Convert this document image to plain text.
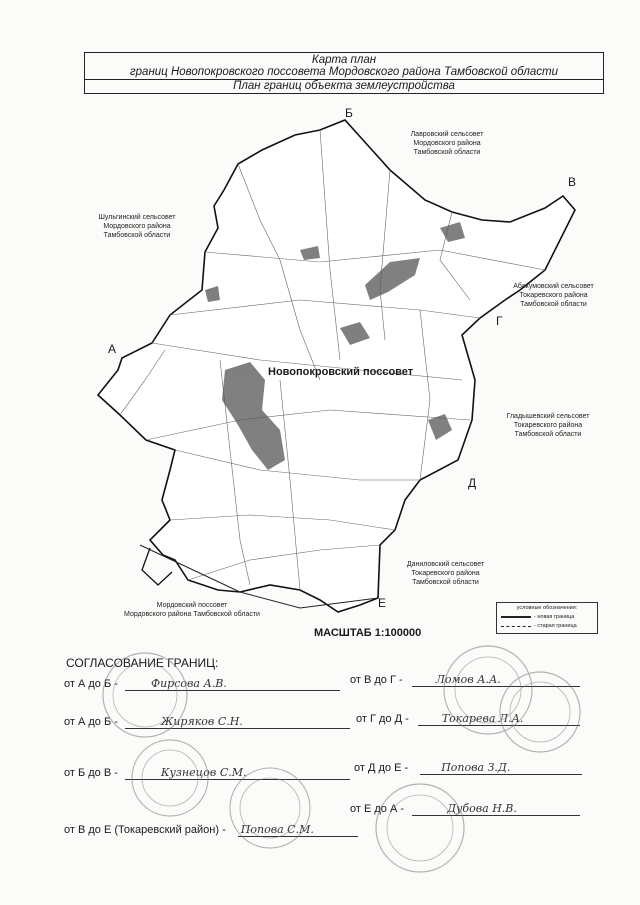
Карта план
границ Новопокровского поссовета Мордовского района Тамбовской области
План границ объекта землеустройства
А
Б
В
Г
Д
Е
Новопокровский поссовет
Лавровский сельсовет
Мордовского района
Тамбовской области
Шульгинский сельсовет
Мордовского района
Тамбовской области
Абакумовский сельсовет
Токаревского района
Тамбовской области
Гладышевский сельсовет
Токаревского района
Тамбовской области
Даниловский сельсовет
Токаревского района
Тамбовской области
Мордовский поссовет
Мордовского района Тамбовской области
условные обозначения:
- новая граница
- старая граница
МАСШТАБ 1:100000
СОГЛАСОВАНИЕ ГРАНИЦ:
от А до Б -	Фирсова А.В.	от В до Г -	Ломов А.А.
от А до Б -	Жиряков С.Н.	от Г до Д -	Токарева Л.А.
от Б до В -	Кузнецов С.М.	от Д до Е -	Попова З.Д.
от Е до А -	Дубова Н.В.
от В до Е (Токаревский район) - Попова С.М.
